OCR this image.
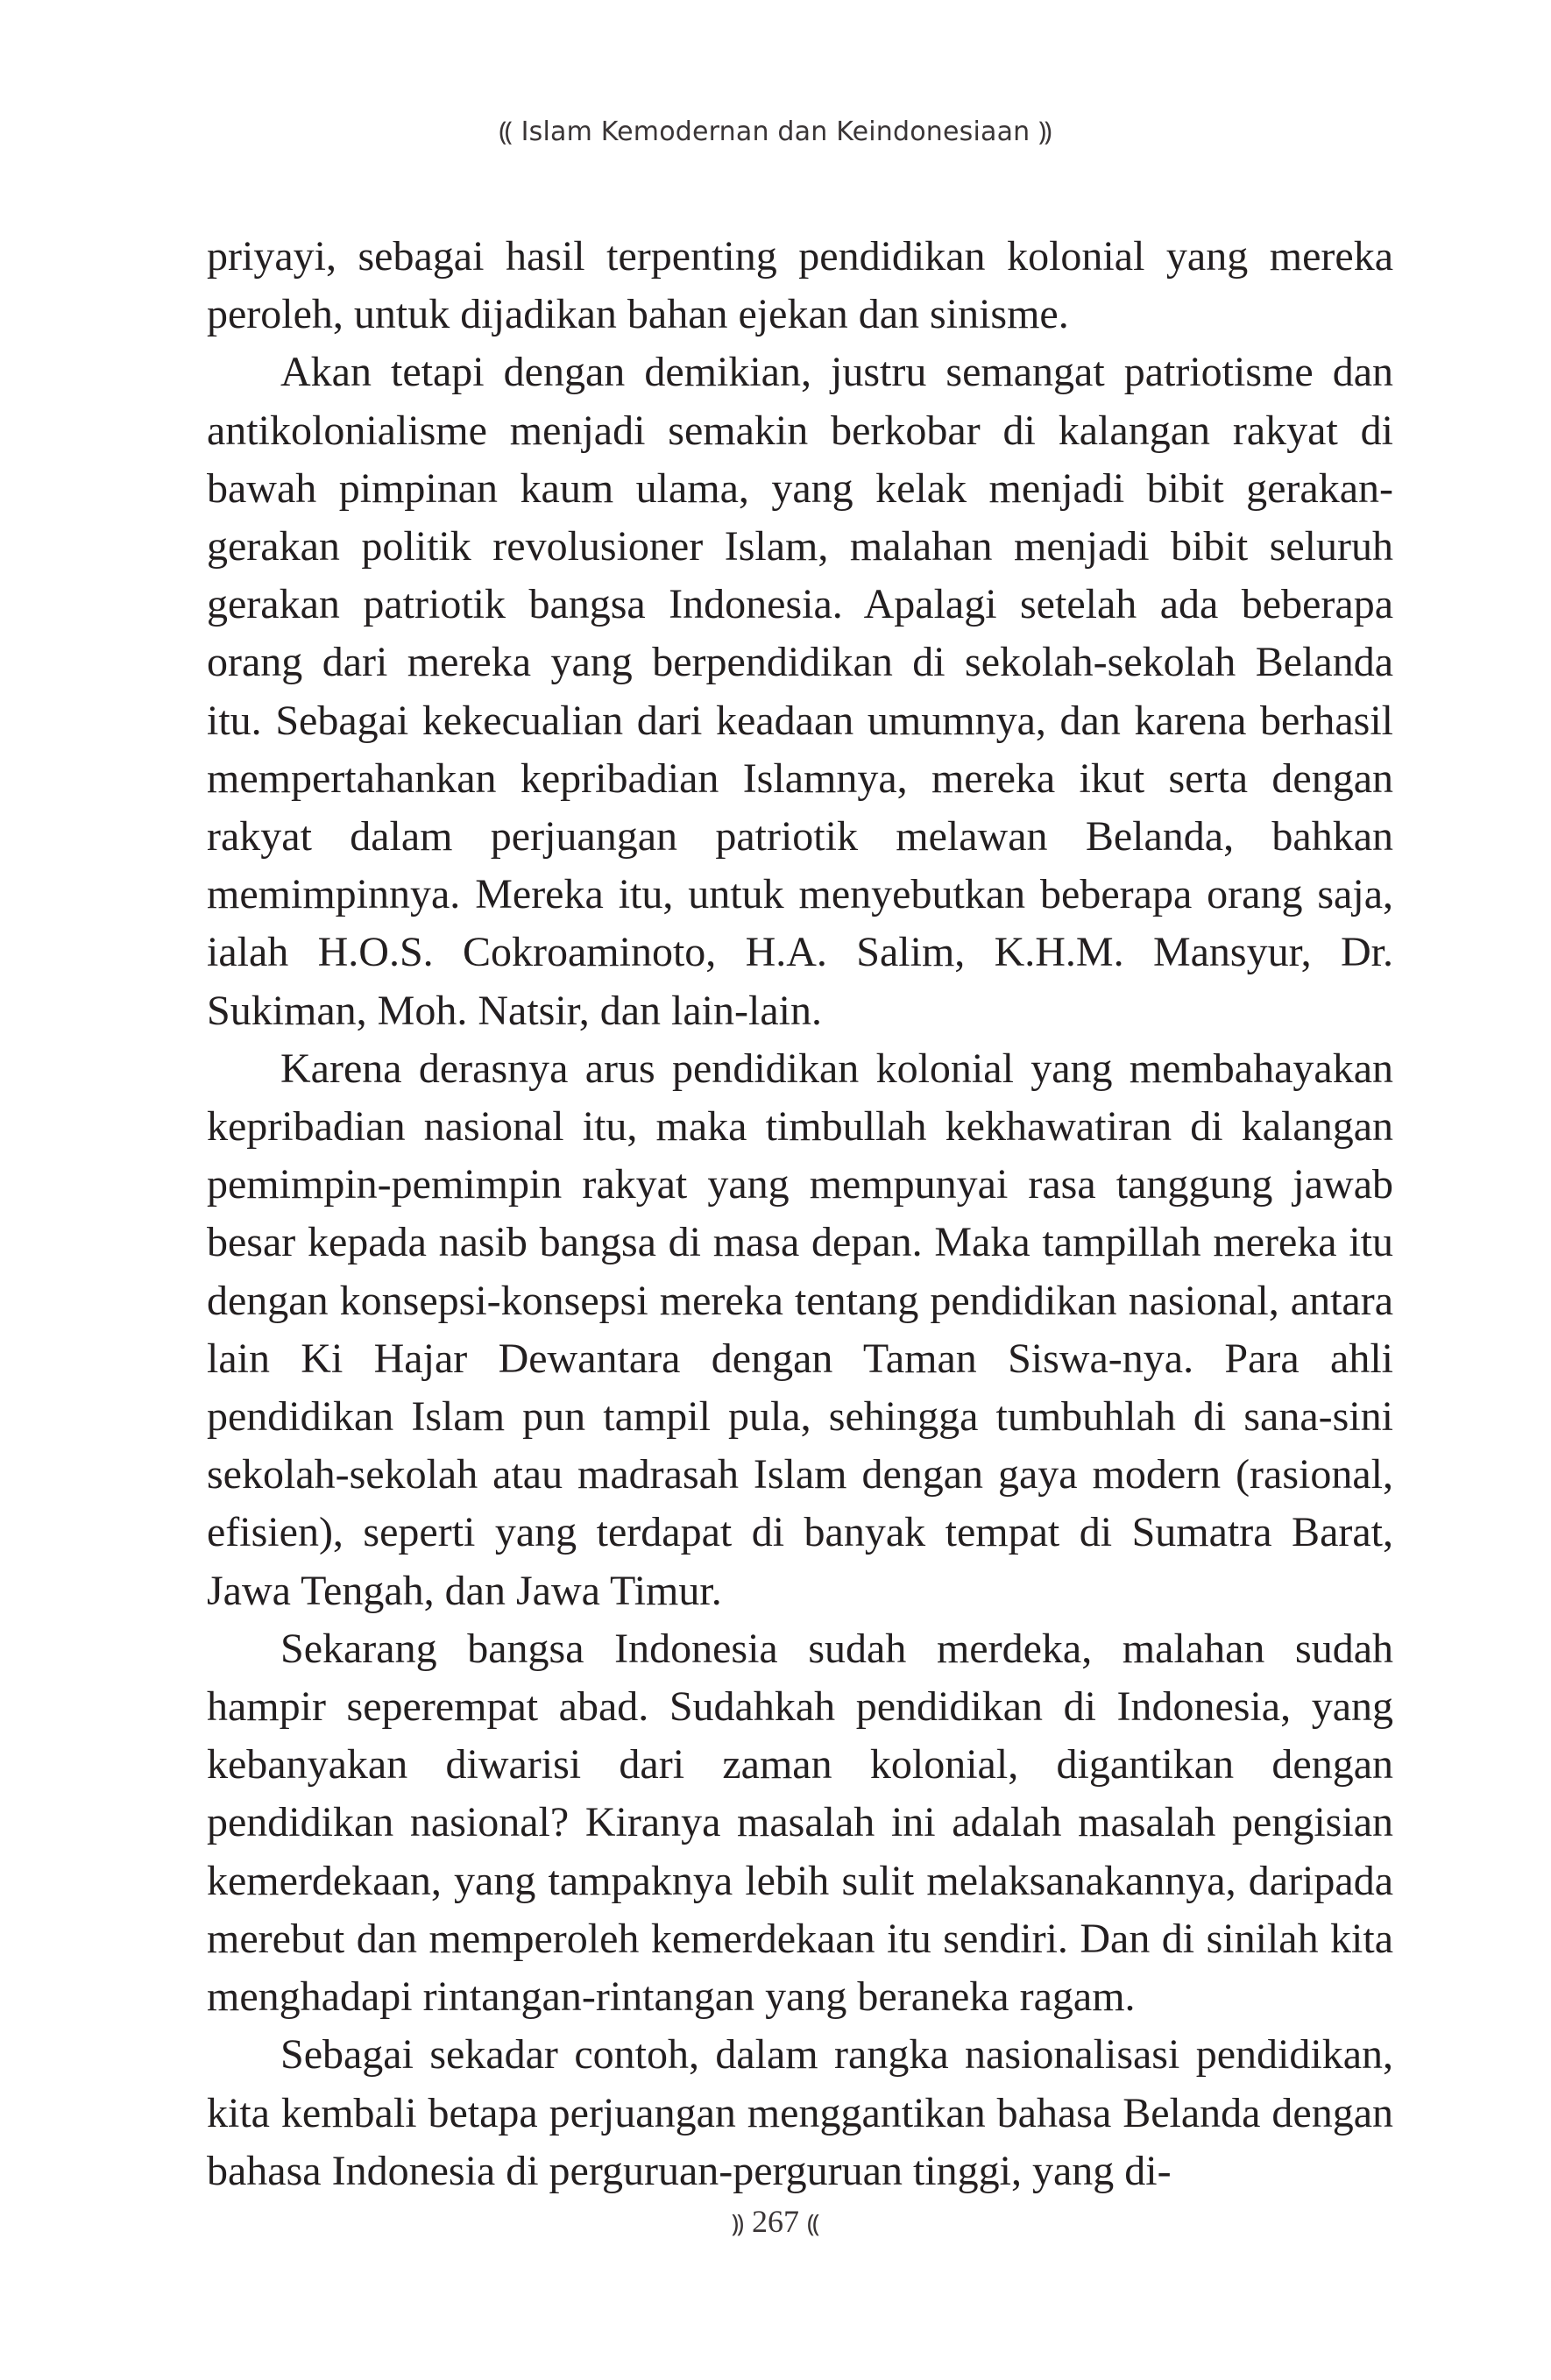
⸨ Islam Kemodernan dan Keindonesiaan ⸩

priyayi, sebagai hasil terpenting pendidikan kolonial yang mereka peroleh, untuk dijadikan bahan ejekan dan sinisme.

Akan tetapi dengan demikian, justru semangat patriotisme dan antikolonialisme menjadi semakin berkobar di kalangan rakyat di bawah pimpinan kaum ulama, yang kelak menjadi bibit gerakan-gerakan politik revolusioner Islam, malahan menjadi bibit seluruh gerakan patriotik bangsa Indonesia. Apalagi setelah ada beberapa orang dari mereka yang berpendidikan di sekolah-sekolah Belanda itu. Sebagai kekecualian dari keadaan umumnya, dan karena berhasil mempertahankan kepribadian Islamnya, mereka ikut serta dengan rakyat dalam perjuangan patriotik melawan Belanda, bahkan memimpinnya. Mereka itu, untuk menyebutkan beberapa orang saja, ialah H.O.S. Cokroaminoto, H.A. Salim, K.H.M. Mansyur, Dr. Sukiman, Moh. Natsir, dan lain-lain.

Karena derasnya arus pendidikan kolonial yang membahayakan kepribadian nasional itu, maka timbullah kekhawatiran di kalangan pemimpin-pemimpin rakyat yang mempunyai rasa tanggung jawab besar kepada nasib bangsa di masa depan. Maka tampillah mereka itu dengan konsepsi-konsepsi mereka tentang pendidikan nasional, antara lain Ki Hajar Dewantara dengan Taman Siswa-nya. Para ahli pendidikan Islam pun tampil pula, sehingga tumbuhlah di sana-sini sekolah-sekolah atau madrasah Islam dengan gaya modern (rasional, efisien), seperti yang terdapat di banyak tempat di Sumatra Barat, Jawa Tengah, dan Jawa Timur.

Sekarang bangsa Indonesia sudah merdeka, malahan sudah hampir seperempat abad. Sudahkah pendidikan di Indonesia, yang kebanyakan diwarisi dari zaman kolonial, digantikan dengan pendidikan nasional? Kiranya masalah ini adalah masalah pengisian kemerdekaan, yang tampaknya lebih sulit melaksanakannya, daripada merebut dan memperoleh kemerdekaan itu sendiri. Dan di sinilah kita menghadapi rintangan-rintangan yang beraneka ragam.

Sebagai sekadar contoh, dalam rangka nasionalisasi pendidikan, kita kembali betapa perjuangan menggantikan bahasa Belanda dengan bahasa Indonesia di perguruan-perguruan tinggi, yang di-

⸩ 267 ⸨
